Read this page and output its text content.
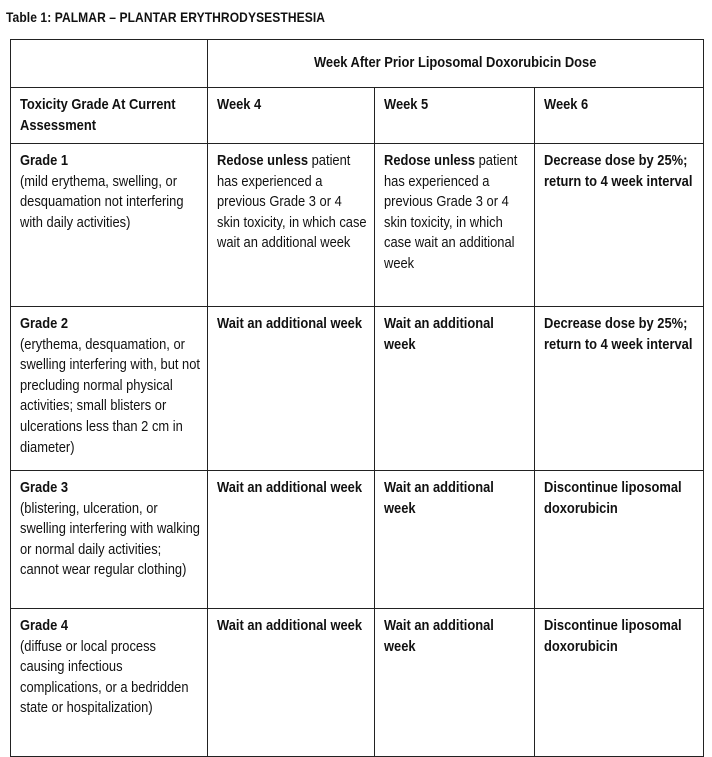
Table 1: PALMAR – PLANTAR ERYTHRODYSESTHESIA
	Week After Prior Liposomal Doxorubicin Dose		

Toxicity Grade At Current Assessment	Week 4	Week 5	Week 6

Grade 1
(mild erythema, swelling, or desquamation not interfering with daily activities)	Redose unless patient has experienced a previous Grade 3 or 4 skin toxicity, in which case wait an additional week	Redose unless patient has experienced a previous Grade 3 or 4 skin toxicity, in which case wait an additional week	Decrease dose by 25%; return to 4 week interval

Grade 2
(erythema, desquamation, or swelling interfering with, but not precluding normal physical activities; small blisters or ulcerations less than 2 cm in diameter)	Wait an additional week	Wait an additional week	Decrease dose by 25%; return to 4 week interval

Grade 3
(blistering, ulceration, or swelling interfering with walking or normal daily activities; cannot wear regular clothing)	Wait an additional week	Wait an additional week	Discontinue liposomal doxorubicin

Grade 4
(diffuse or local process causing infectious complications, or a bedridden state or hospitalization)	Wait an additional week	Wait an additional week	Discontinue liposomal doxorubicin
